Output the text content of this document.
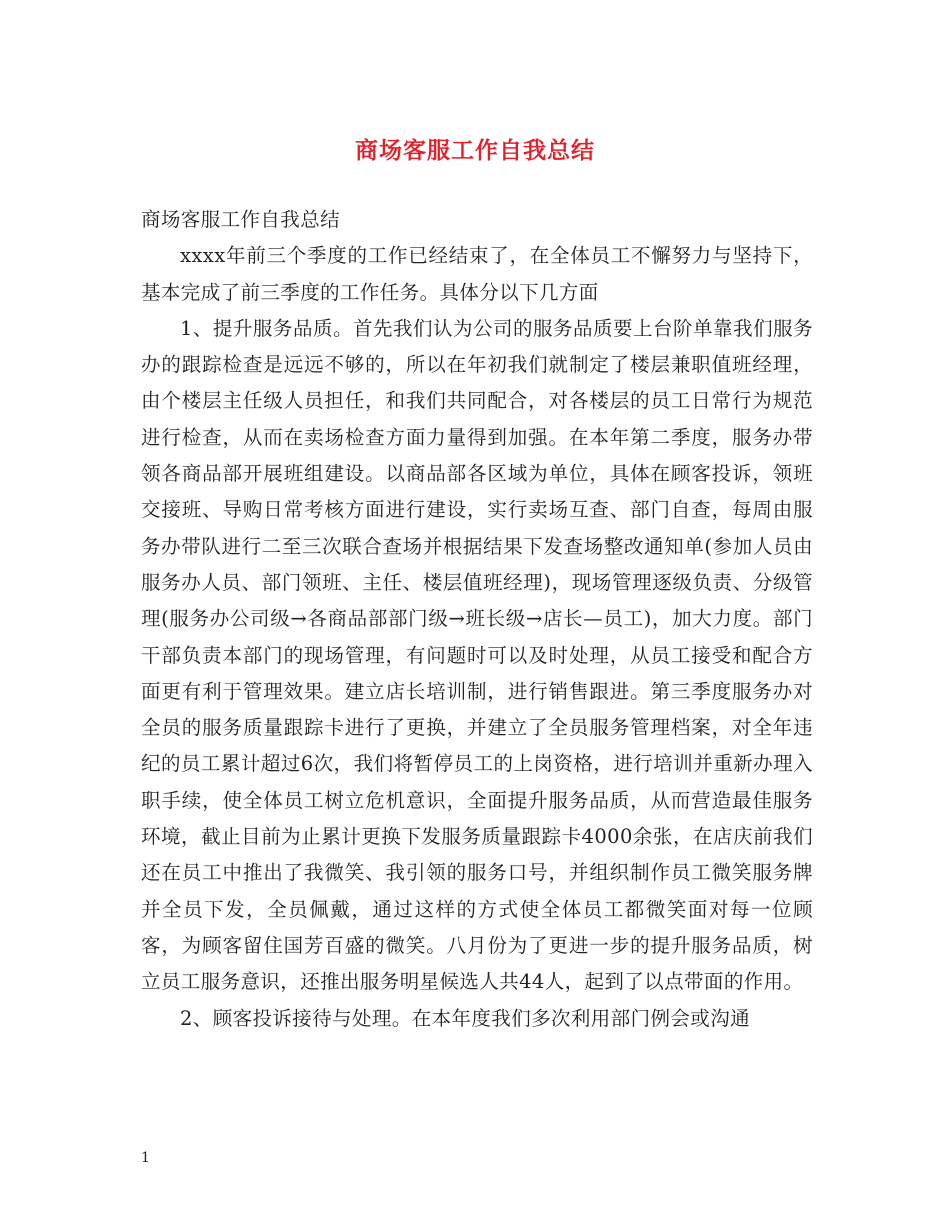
商场客服工作自我总结

商场客服工作自我总结

xxxx年前三个季度的工作已经结束了，在全体员工不懈努力与坚持下，基本完成了前三季度的工作任务。具体分以下几方面

1、提升服务品质。首先我们认为公司的服务品质要上台阶单靠我们服务办的跟踪检查是远远不够的，所以在年初我们就制定了楼层兼职值班经理，由个楼层主任级人员担任，和我们共同配合，对各楼层的员工日常行为规范进行检查，从而在卖场检查方面力量得到加强。在本年第二季度，服务办带领各商品部开展班组建设。以商品部各区域为单位，具体在顾客投诉，领班交接班、导购日常考核方面进行建设，实行卖场互查、部门自查，每周由服务办带队进行二至三次联合查场并根据结果下发查场整改通知单(参加人员由服务办人员、部门领班、主任、楼层值班经理)，现场管理逐级负责、分级管理(服务办公司级→各商品部部门级→班长级→店长—员工)，加大力度。部门干部负责本部门的现场管理，有问题时可以及时处理，从员工接受和配合方面更有利于管理效果。建立店长培训制，进行销售跟进。第三季度服务办对全员的服务质量跟踪卡进行了更换，并建立了全员服务管理档案，对全年违纪的员工累计超过6次，我们将暂停员工的上岗资格，进行培训并重新办理入职手续，使全体员工树立危机意识，全面提升服务品质，从而营造最佳服务环境，截止目前为止累计更换下发服务质量跟踪卡4000余张，在店庆前我们还在员工中推出了我微笑、我引领的服务口号，并组织制作员工微笑服务牌并全员下发，全员佩戴，通过这样的方式使全体员工都微笑面对每一位顾客，为顾客留住国芳百盛的微笑。八月份为了更进一步的提升服务品质，树立员工服务意识，还推出服务明星候选人共44人，起到了以点带面的作用。

2、顾客投诉接待与处理。在本年度我们多次利用部门例会或沟通

1
